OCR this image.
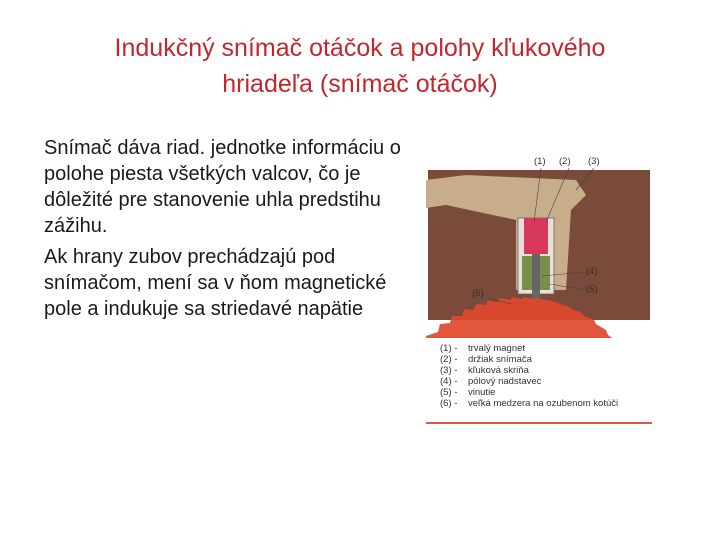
Indukčný snímač otáčok a polohy kľukového
hriadeľa (snímač otáčok)

Snímač dáva riad. jednotke informáciu o polohe piesta všetkých valcov, čo je dôležité pre stanovenie uhla predstihu zážihu.

Ak hrany zubov prechádzajú pod snímačom, mení sa v ňom magnetické pole a indukuje sa striedavé napätie

(1) (2) (3)
(4)
(5)
(6)
(1) - trvalý magnet
(2) - držiak snímača
(3) - kľuková skriňa
(4) - pólový nadstavec
(5) - vinutie
(6) - veľká medzera na ozubenom kotúči
